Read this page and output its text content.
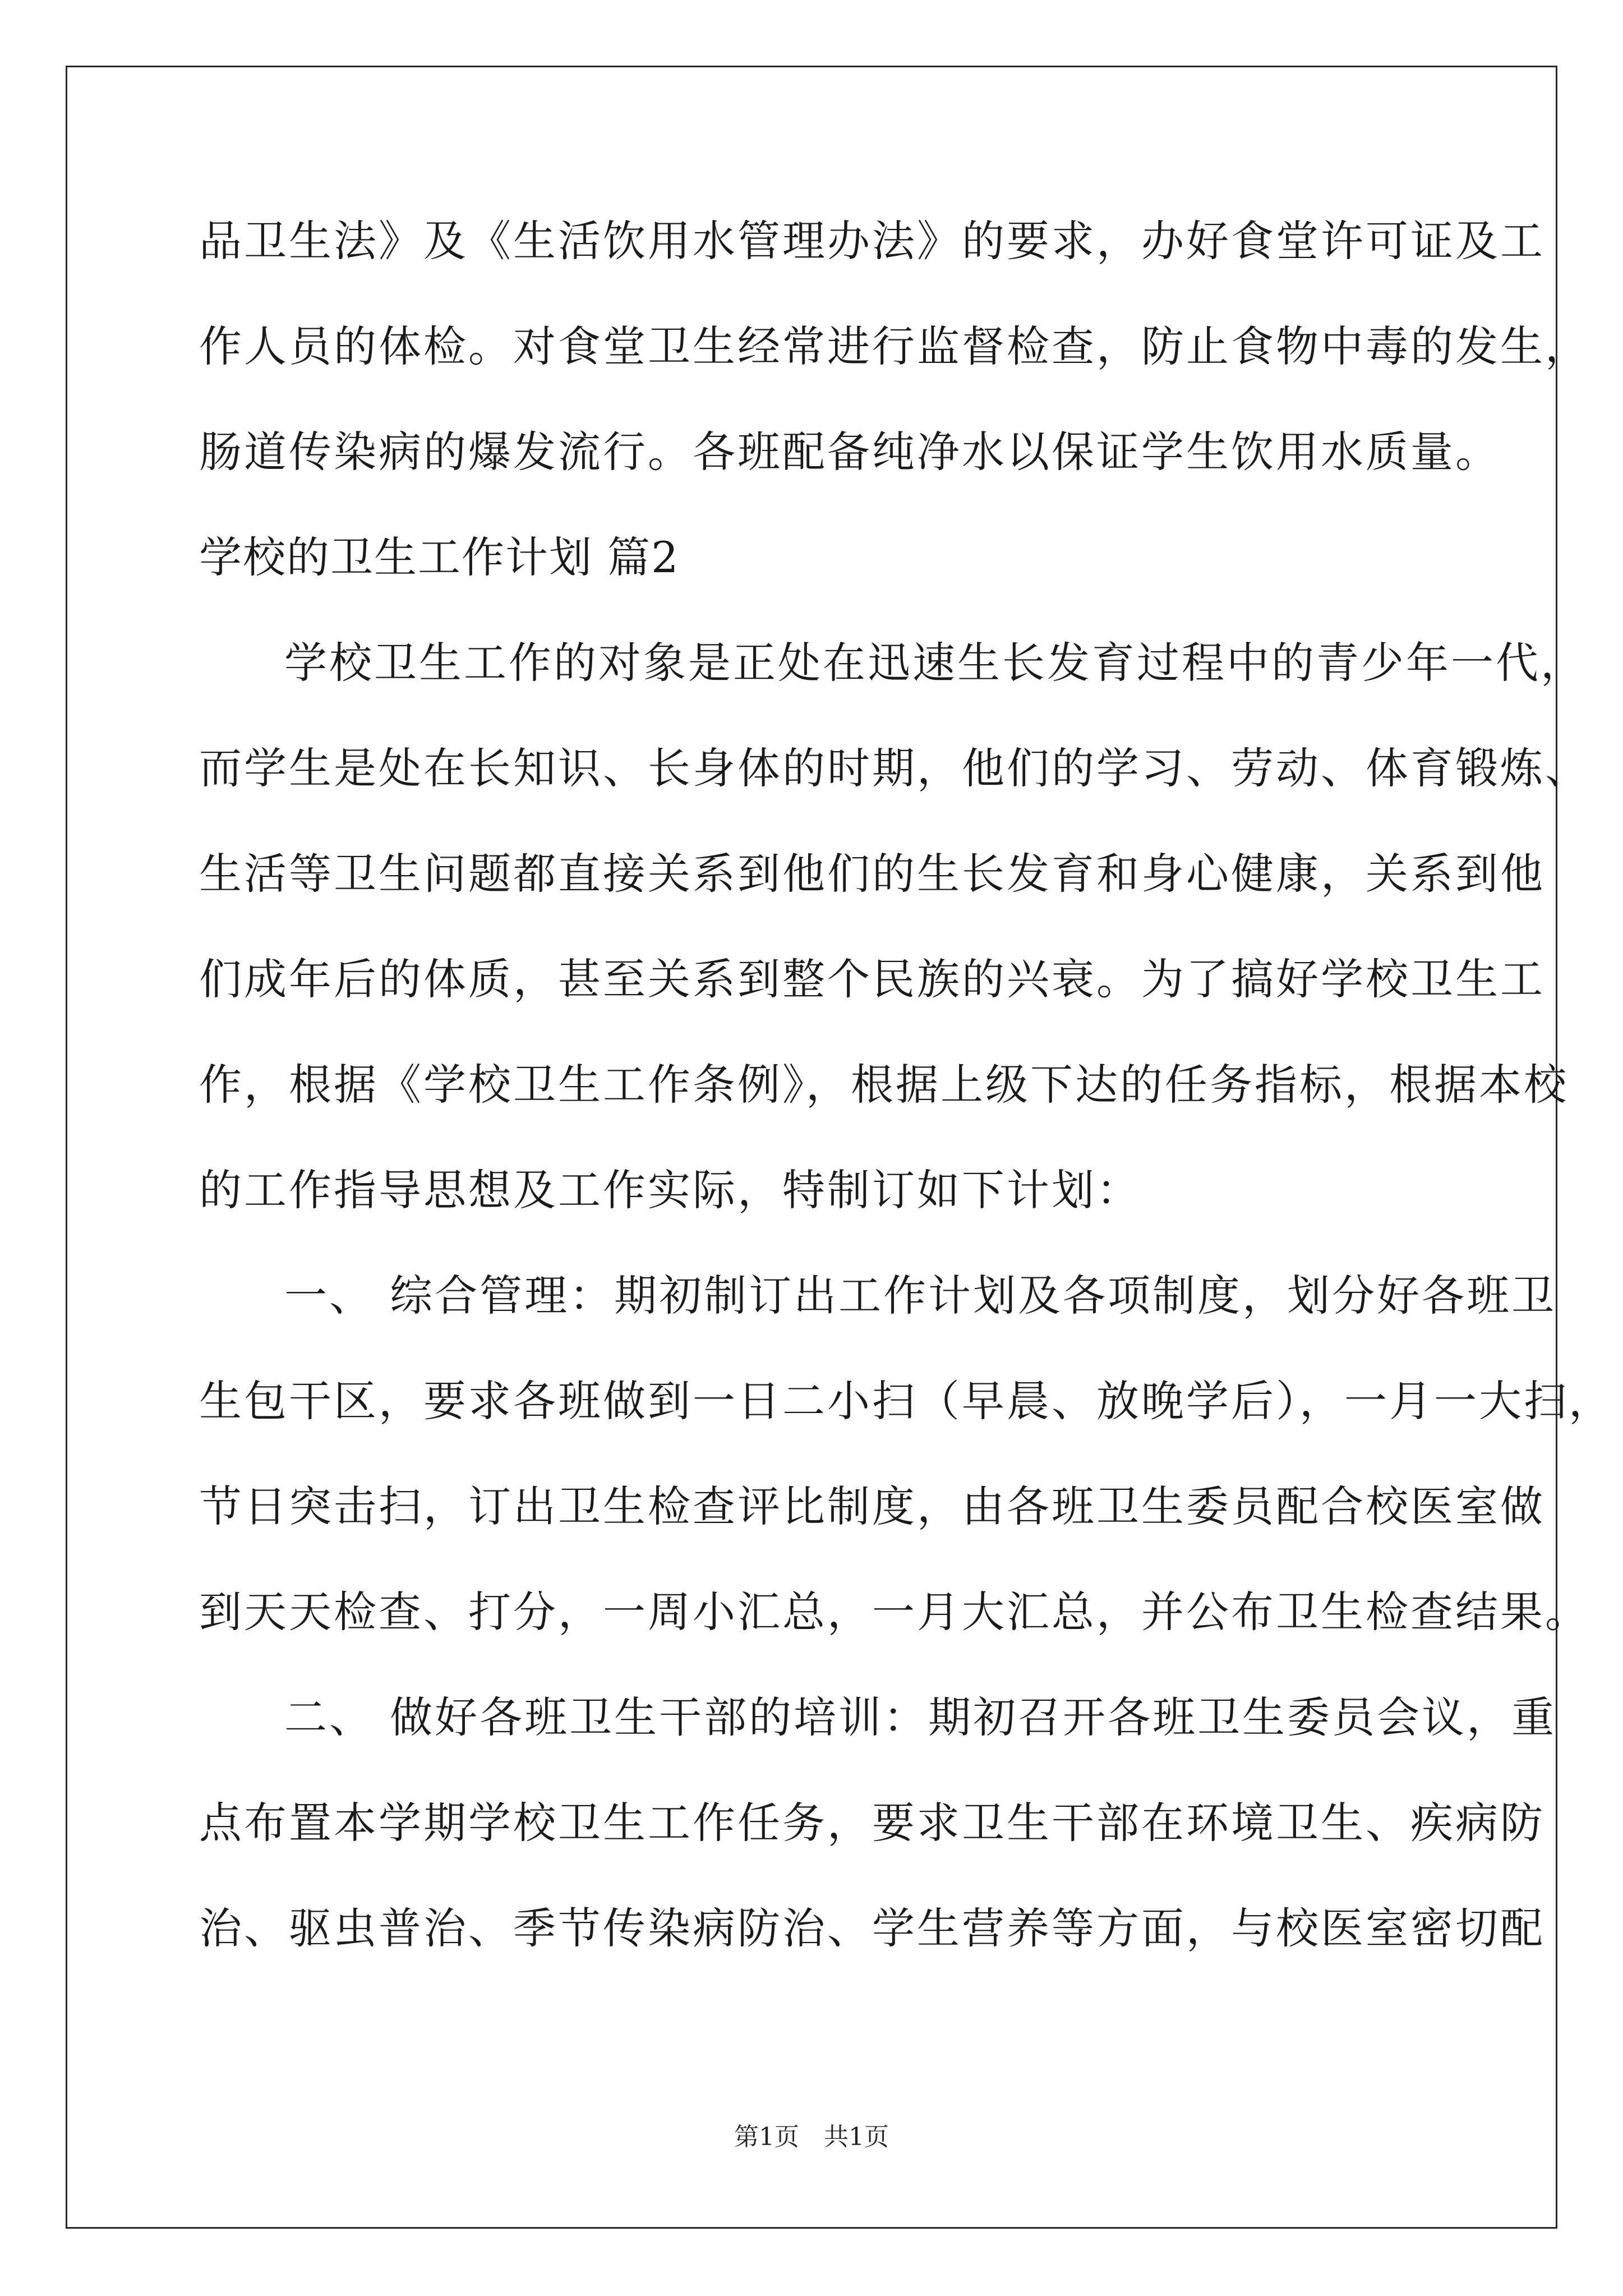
品卫生法》及《生活饮用水管理办法》的要求，办好食堂许可证及工
作人员的体检。对食堂卫生经常进行监督检查，防止食物中毒的发生，
肠道传染病的爆发流行。各班配备纯净水以保证学生饮用水质量。
学校的卫生工作计划 篇2
学校卫生工作的对象是正处在迅速生长发育过程中的青少年一代，
而学生是处在长知识、长身体的时期，他们的学习、劳动、体育锻炼、
生活等卫生问题都直接关系到他们的生长发育和身心健康，关系到他
们成年后的体质，甚至关系到整个民族的兴衰。为了搞好学校卫生工
作，根据《学校卫生工作条例》，根据上级下达的任务指标，根据本校
的工作指导思想及工作实际，特制订如下计划：
一、 综合管理：期初制订出工作计划及各项制度，划分好各班卫
生包干区，要求各班做到一日二小扫（早晨、放晚学后），一月一大扫，
节日突击扫，订出卫生检查评比制度，由各班卫生委员配合校医室做
到天天检查、打分，一周小汇总，一月大汇总，并公布卫生检查结果。
二、 做好各班卫生干部的培训：期初召开各班卫生委员会议，重
点布置本学期学校卫生工作任务，要求卫生干部在环境卫生、疾病防
治、驱虫普治、季节传染病防治、学生营养等方面，与校医室密切配
第1页　共1页
